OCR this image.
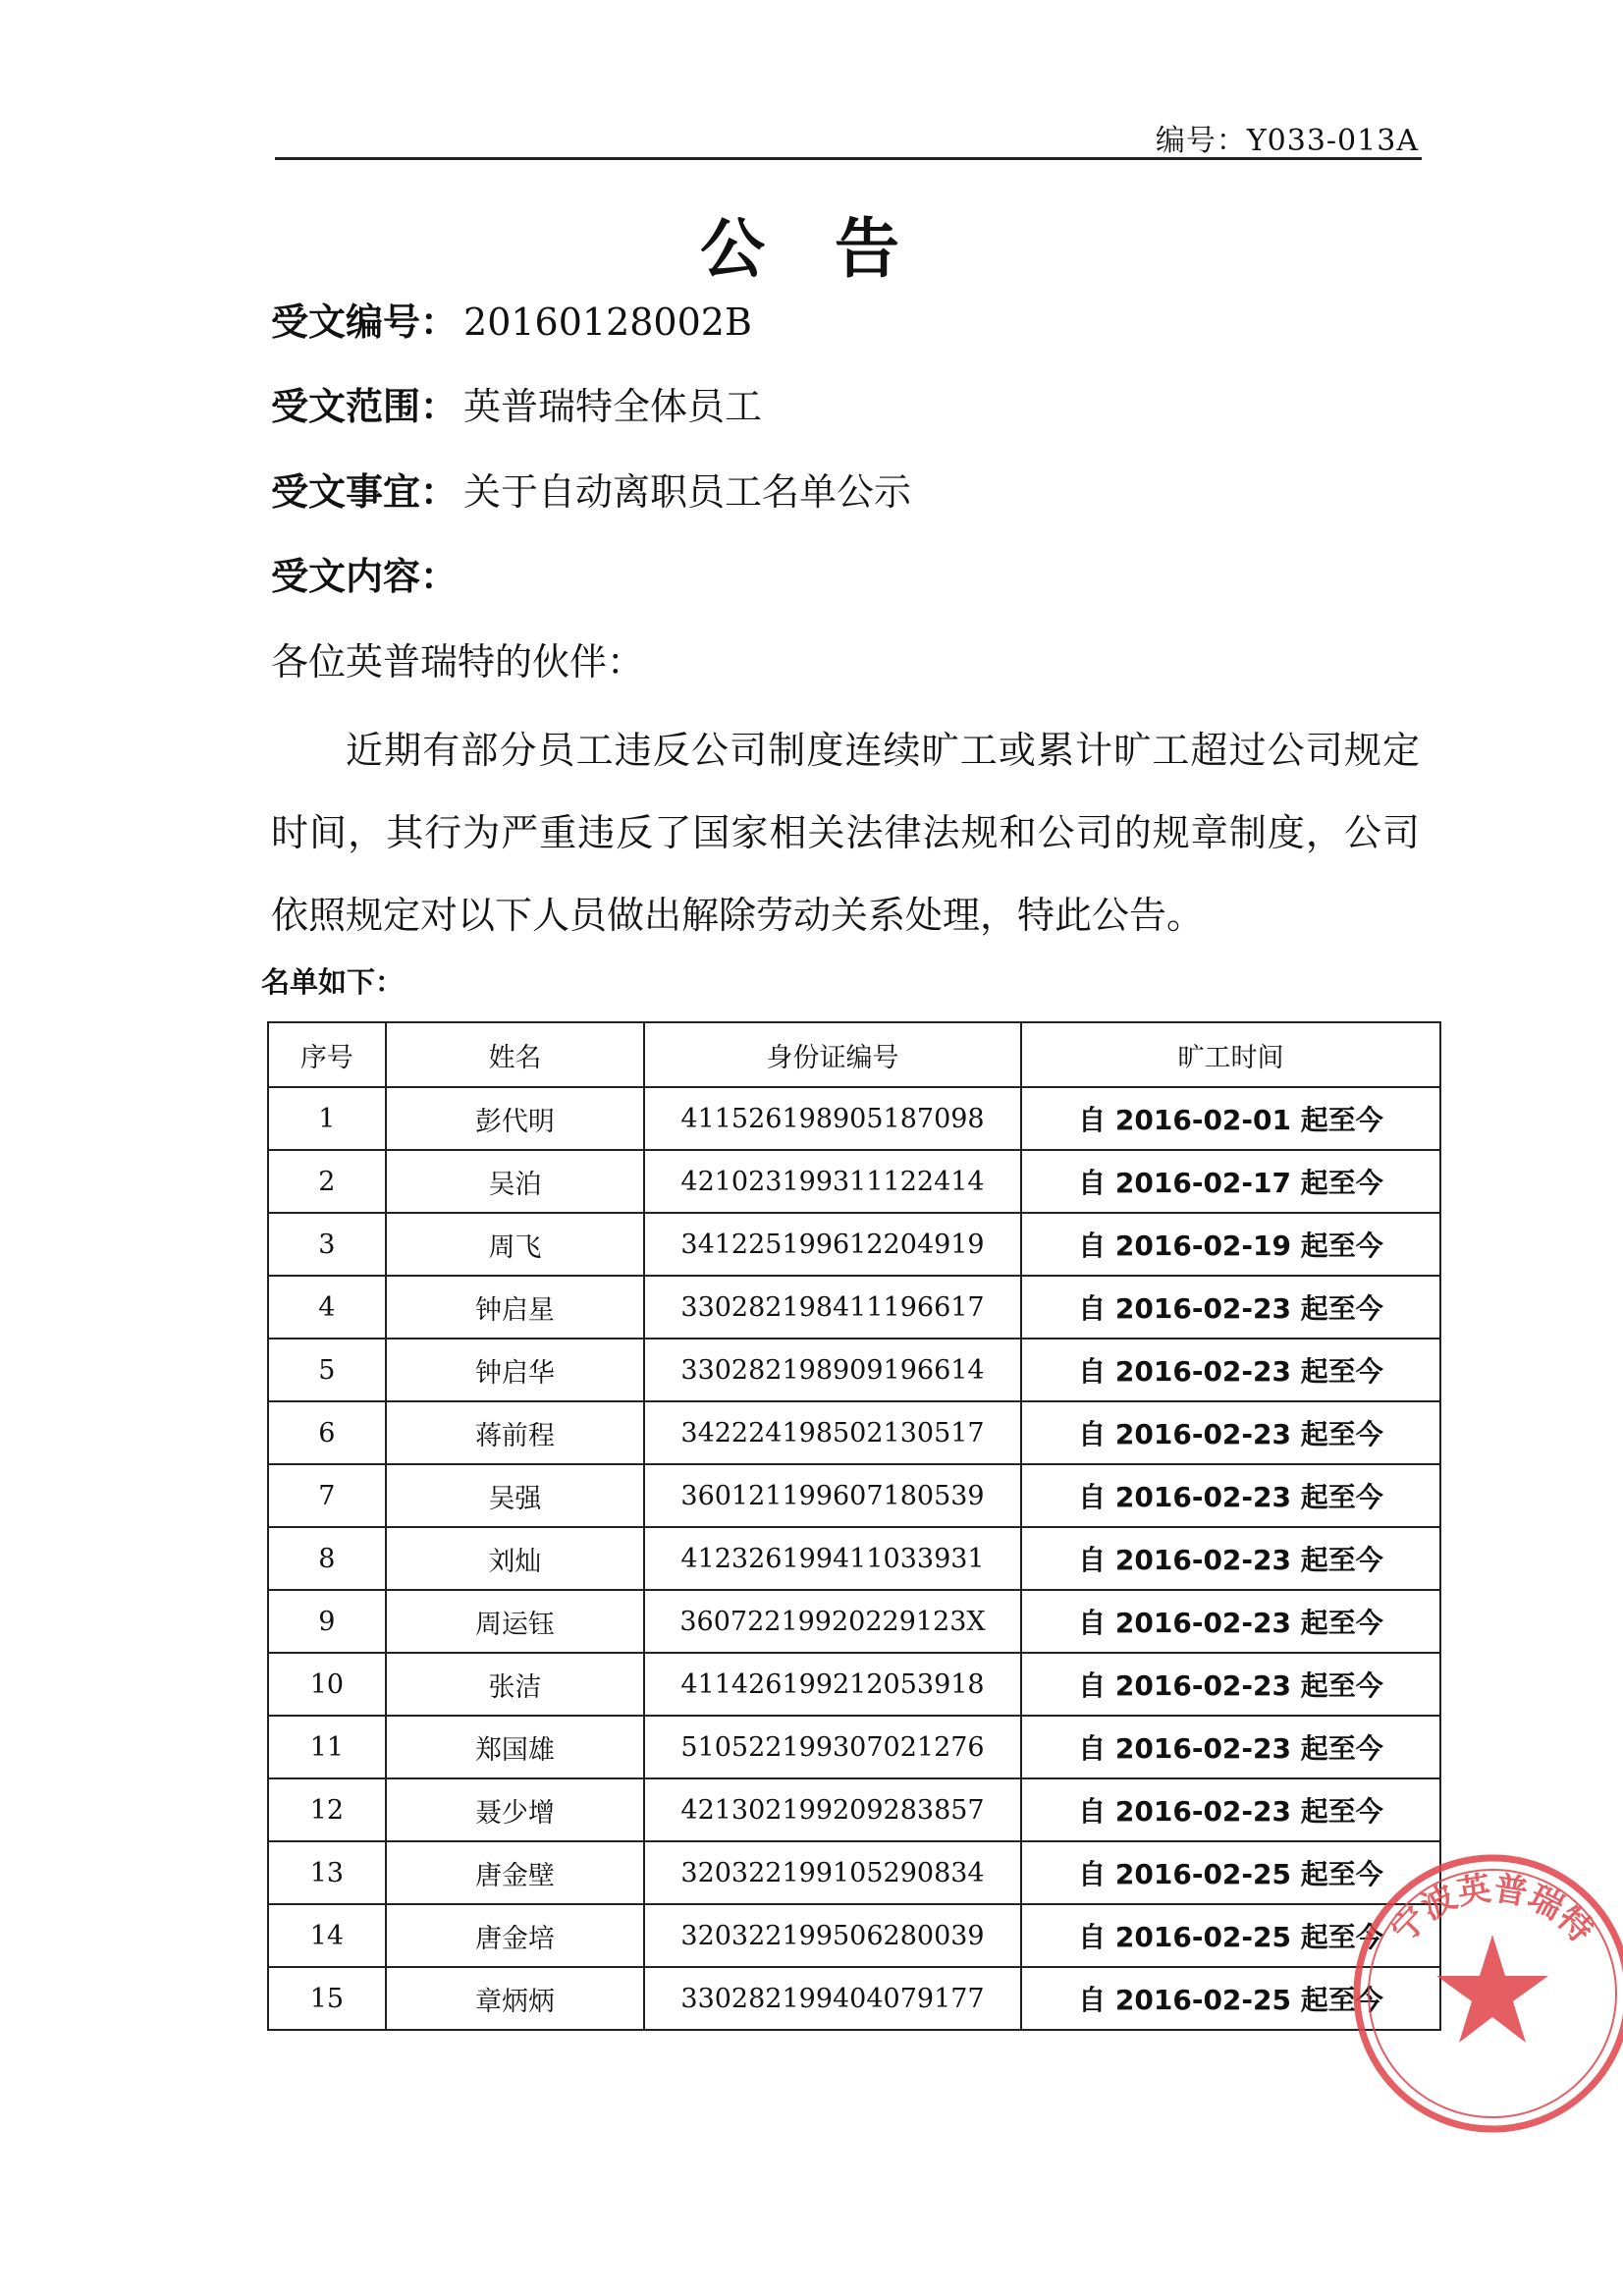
编号：Y033-013A
公 告
受文编号： 20160128002B
受文范围： 英普瑞特全体员工
受文事宜： 关于自动离职员工名单公示
受文内容：
各位英普瑞特的伙伴：
近期有部分员工违反公司制度连续旷工或累计旷工超过公司规定时间，其行为严重违反了国家相关法律法规和公司的规章制度，公司依照规定对以下人员做出解除劳动关系处理，特此公告。
名单如下：
序号	姓名	身份证编号	旷工时间
1	彭代明	411526198905187098	自 2016-02-01 起至今
2	吴泊	421023199311122414	自 2016-02-17 起至今
3	周飞	341225199612204919	自 2016-02-19 起至今
4	钟启星	330282198411196617	自 2016-02-23 起至今
5	钟启华	330282198909196614	自 2016-02-23 起至今
6	蒋前程	342224198502130517	自 2016-02-23 起至今
7	吴强	360121199607180539	自 2016-02-23 起至今
8	刘灿	412326199411033931	自 2016-02-23 起至今
9	周运钰	36072219920229123X	自 2016-02-23 起至今
10	张洁	411426199212053918	自 2016-02-23 起至今
11	郑国雄	510522199307021276	自 2016-02-23 起至今
12	聂少增	421302199209283857	自 2016-02-23 起至今
13	唐金壁	320322199105290834	自 2016-02-25 起至今
14	唐金培	320322199506280039	自 2016-02-25 起至今
15	章炳炳	330282199404079177	自 2016-02-25 起至今
宁波英普瑞特
